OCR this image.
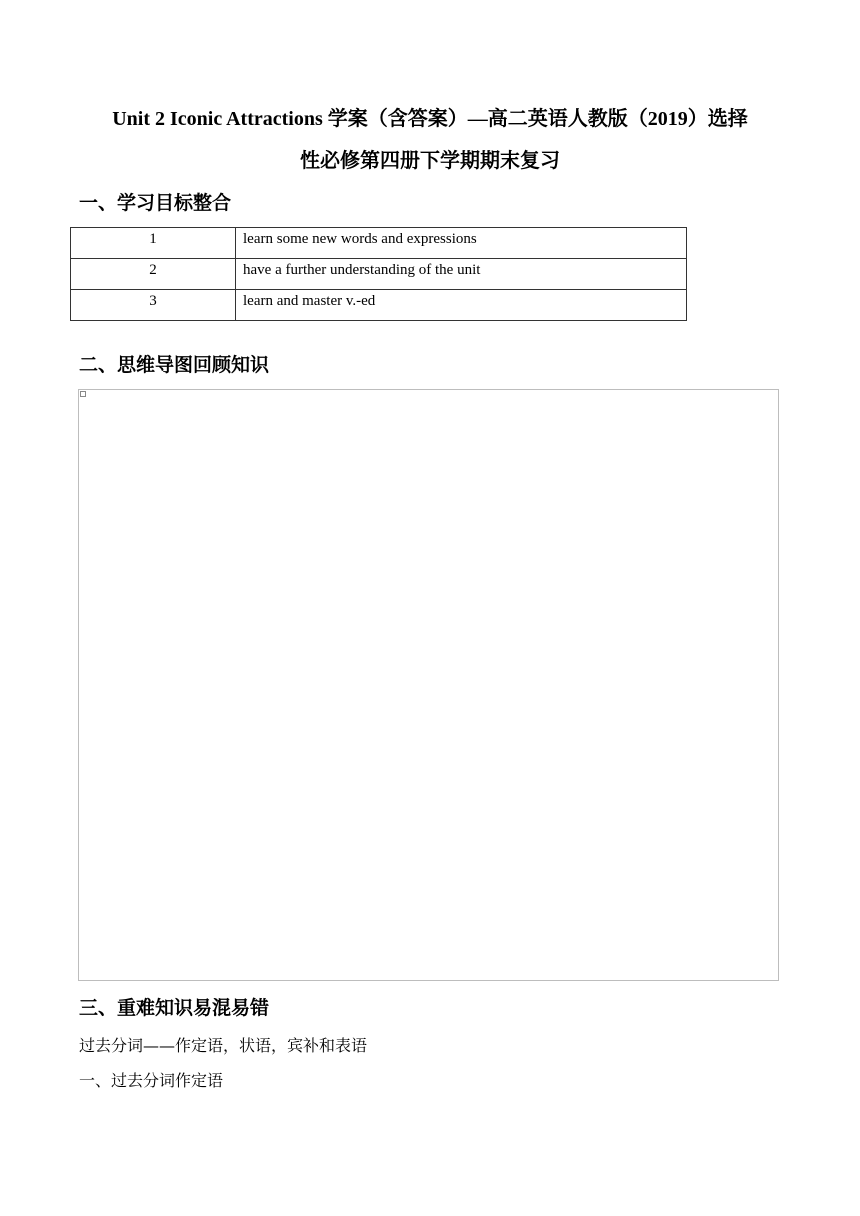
Unit 2 Iconic Attractions 学案（含答案）—高二英语人教版（2019）选择
性必修第四册下学期期末复习
一、学习目标整合
1	learn some new words and expressions
2	have a further understanding of the unit
3	learn and master v.-ed
二、思维导图回顾知识
三、重难知识易混易错
过去分词——作定语，状语，宾补和表语
一、过去分词作定语
